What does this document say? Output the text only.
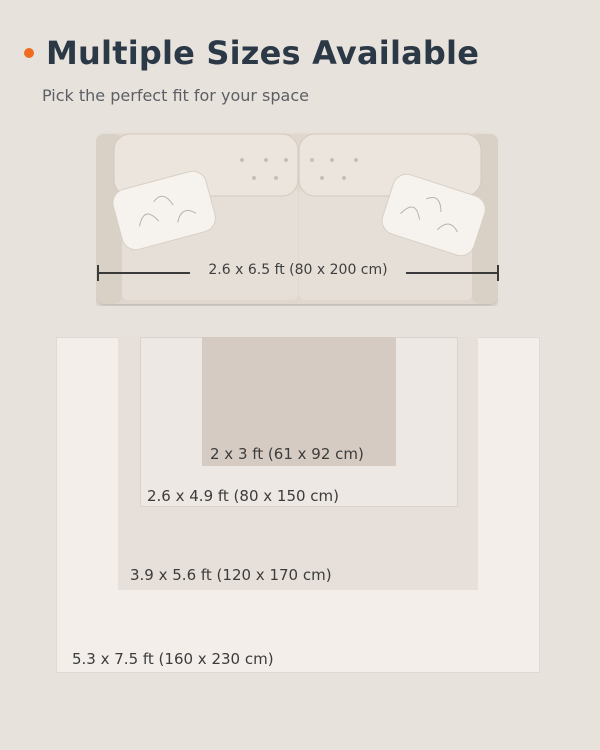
Multiple Sizes Available
Pick the perfect fit for your space
2 x 3 ft (61 x 92 cm)
2.6 x 4.9 ft (80 x 150 cm)
3.9 x 5.6 ft (120 x 170 cm)
5.3 x 7.5 ft (160 x 230 cm)
2.6 x 6.5 ft (80 x 200 cm)
